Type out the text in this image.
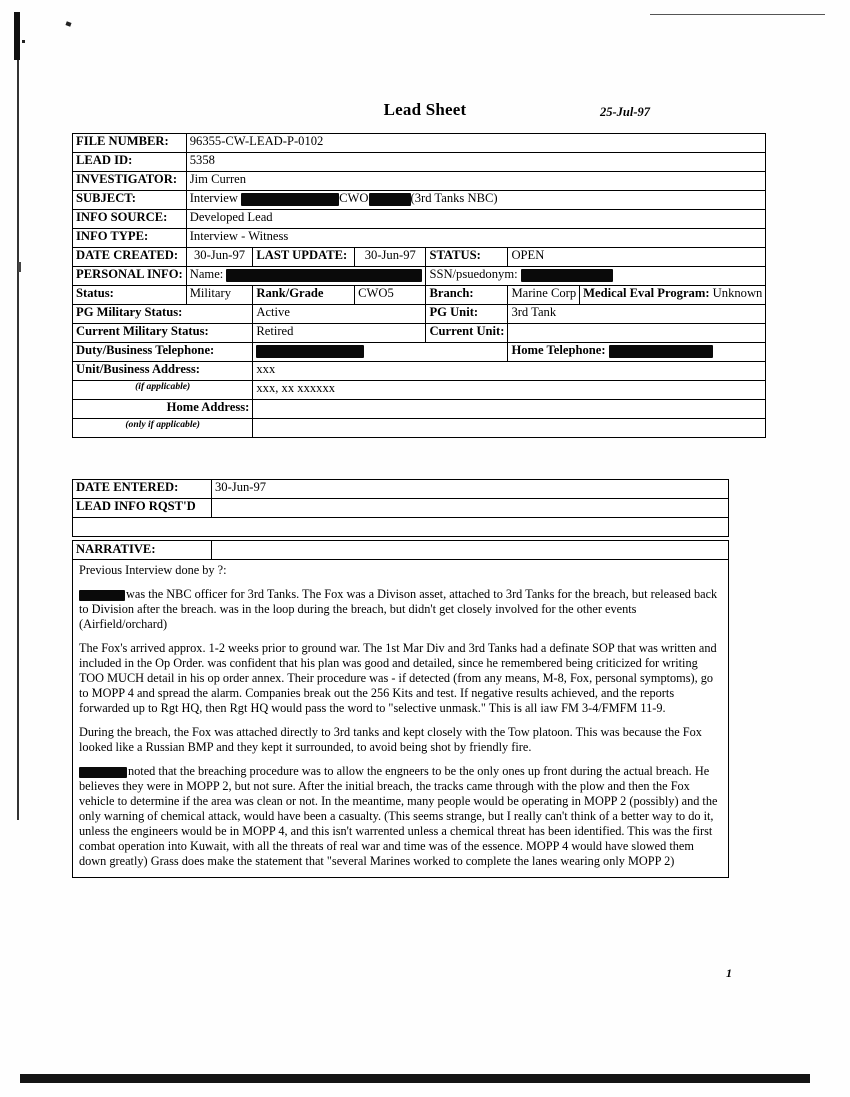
Lead Sheet	25-Jul-97
FILE NUMBER:	96355-CW-LEAD-P-0102					
LEAD ID:	5358					
INVESTIGATOR:	Jim Curren					
SUBJECT:	Interview CWO (3rd Tanks NBC)					
INFO SOURCE:	Developed Lead					
INFO TYPE:	Interview - Witness					
DATE CREATED:	30-Jun-97	LAST UPDATE:	30-Jun-97	STATUS:	OPEN	
PERSONAL INFO:	Name:			SSN/psuedonym:		
Status:	Military	Rank/Grade	CWO5	Branch:	Marine Corp	Medical Eval Program: Unknown
PG Military Status:		Active		PG Unit:	3rd Tank	
Current Military Status:		Retired		Current Unit:		
Duty/Business Telephone:					Home Telephone:	
Unit/Business Address:		xxx				
(if applicable)		xxx, xx xxxxxx				
Home Address:						
(only if applicable)						
DATE ENTERED:	30-Jun-97
LEAD INFO RQST'D	

NARRATIVE:	

Previous Interview done by ?:

was the NBC officer for 3rd Tanks. The Fox was a Divison asset, attached to 3rd Tanks for the breach, but released back to Division after the breach. was in the loop during the breach, but didn't get closely involved for the other events (Airfield/orchard)

The Fox's arrived approx. 1-2 weeks prior to ground war. The 1st Mar Div and 3rd Tanks had a definate SOP that was written and included in the Op Order. was confident that his plan was good and detailed, since he remembered being criticized for writing TOO MUCH detail in his op order annex. Their procedure was - if detected (from any means, M-8, Fox, personal symptoms), go to MOPP 4 and spread the alarm. Companies break out the 256 Kits and test. If negative results achieved, and the reports forwarded up to Rgt HQ, then Rgt HQ would pass the word to "selective unmask." This is all iaw FM 3-4/FMFM 11-9.

During the breach, the Fox was attached directly to 3rd tanks and kept closely with the Tow platoon. This was because the Fox looked like a Russian BMP and they kept it surrounded, to avoid being shot by friendly fire.

noted that the breaching procedure was to allow the engneers to be the only ones up front during the actual breach. He believes they were in MOPP 2, but not sure. After the initial breach, the tracks came through with the plow and then the Fox vehicle to determine if the area was clean or not. In the meantime, many people would be operating in MOPP 2 (possibly) and the only warning of chemical attack, would have been a casualty. (This seems strange, but I really can't think of a better way to do it, unless the engineers would be in MOPP 4, and this isn't warrented unless a chemical threat has been identified. This was the first combat operation into Kuwait, with all the threats of real war and time was of the essence. MOPP 4 would have slowed them down greatly) Grass does make the statement that "several Marines worked to complete the lanes wearing only MOPP 2)

1
